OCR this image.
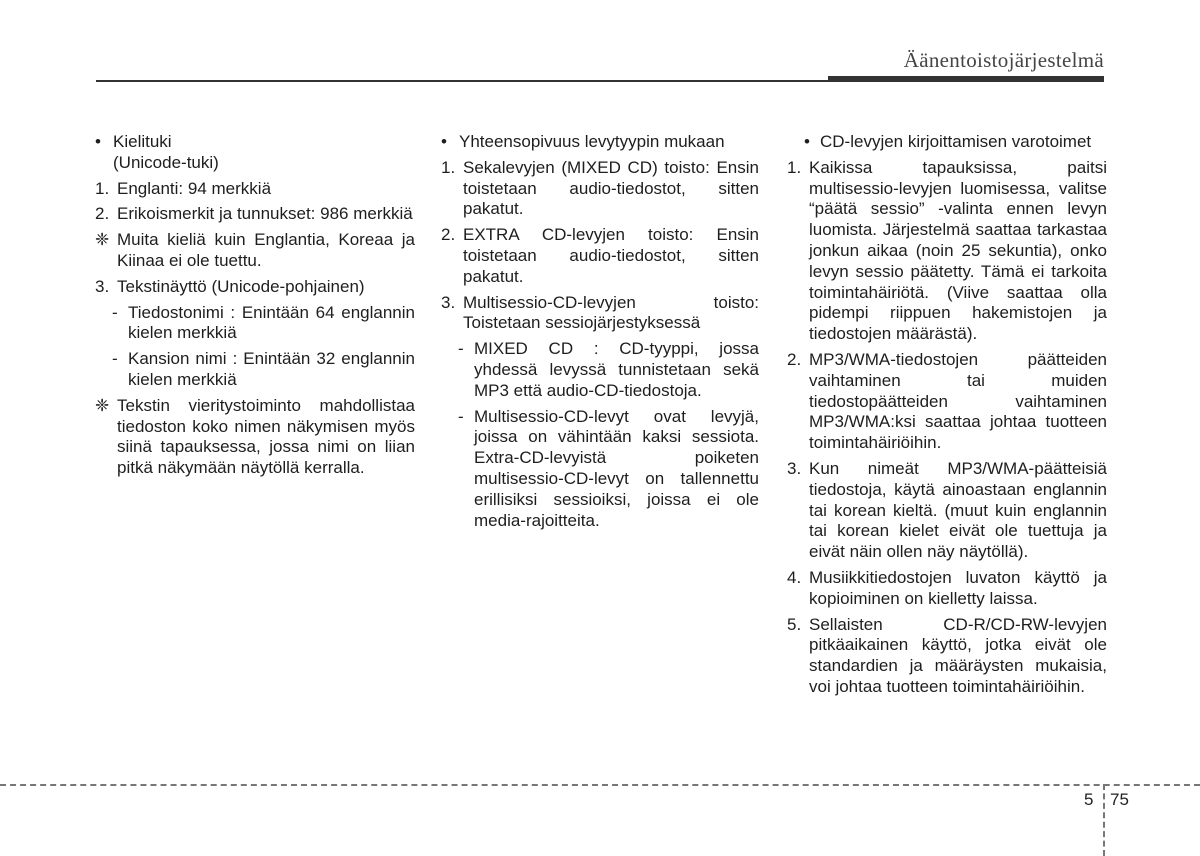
Äänentoistojärjestelmä
• Kielituki
(Unicode-tuki)
1. Englanti: 94 merkkiä
2. Erikoismerkit ja tunnukset: 986 merkkiä
❈ Muita kieliä kuin Englantia, Koreaa ja Kiinaa ei ole tuettu.
3. Tekstinäyttö (Unicode-pohjainen)
- Tiedostonimi : Enintään 64 englannin kielen merkkiä
- Kansion nimi : Enintään 32 englannin kielen merkkiä
❈ Tekstin vieritystoiminto mahdollistaa tiedoston koko nimen näkymisen myös siinä tapauksessa, jossa nimi on liian pitkä näkymään näytöllä kerralla.
• Yhteensopivuus levytyypin mukaan
1. Sekalevyjen (MIXED CD) toisto: Ensin toistetaan audio-tiedostot, sitten pakatut.
2. EXTRA CD-levyjen toisto: Ensin toistetaan audio-tiedostot, sitten pakatut.
3. Multisessio-CD-levyjen toisto: Toistetaan sessiojärjestyksessä
- MIXED CD : CD-tyyppi, jossa yhdessä levyssä tunnistetaan sekä MP3 että audio-CD-tiedostoja.
- Multisessio-CD-levyt ovat levyjä, joissa on vähintään kaksi sessiota. Extra-CD-levyistä poiketen multisessio-CD-levyt on tallennettu erillisiksi sessioiksi, joissa ei ole media-rajoitteita.
• CD-levyjen kirjoittamisen varotoimet
1. Kaikissa tapauksissa, paitsi multisessio-levyjen luomisessa, valitse “päätä sessio” -valinta ennen levyn luomista. Järjestelmä saattaa tarkastaa jonkun aikaa (noin 25 sekuntia), onko levyn sessio päätetty. Tämä ei tarkoita toimintahäiriötä. (Viive saattaa olla pidempi riippuen hakemistojen ja tiedostojen määrästä).
2. MP3/WMA-tiedostojen päätteiden vaihtaminen tai muiden tiedostopäätteiden vaihtaminen MP3/WMA:ksi saattaa johtaa tuotteen toimintahäiriöihin.
3. Kun nimeät MP3/WMA-päätteisiä tiedostoja, käytä ainoastaan englannin tai korean kieltä. (muut kuin englannin tai korean kielet eivät ole tuettuja ja eivät näin ollen näy näytöllä).
4. Musiikkitiedostojen luvaton käyttö ja kopioiminen on kielletty laissa.
5. Sellaisten CD-R/CD-RW-levyjen pitkäaikainen käyttö, jotka eivät ole standardien ja määräysten mukaisia, voi johtaa tuotteen toimintahäiriöihin.
5 75
